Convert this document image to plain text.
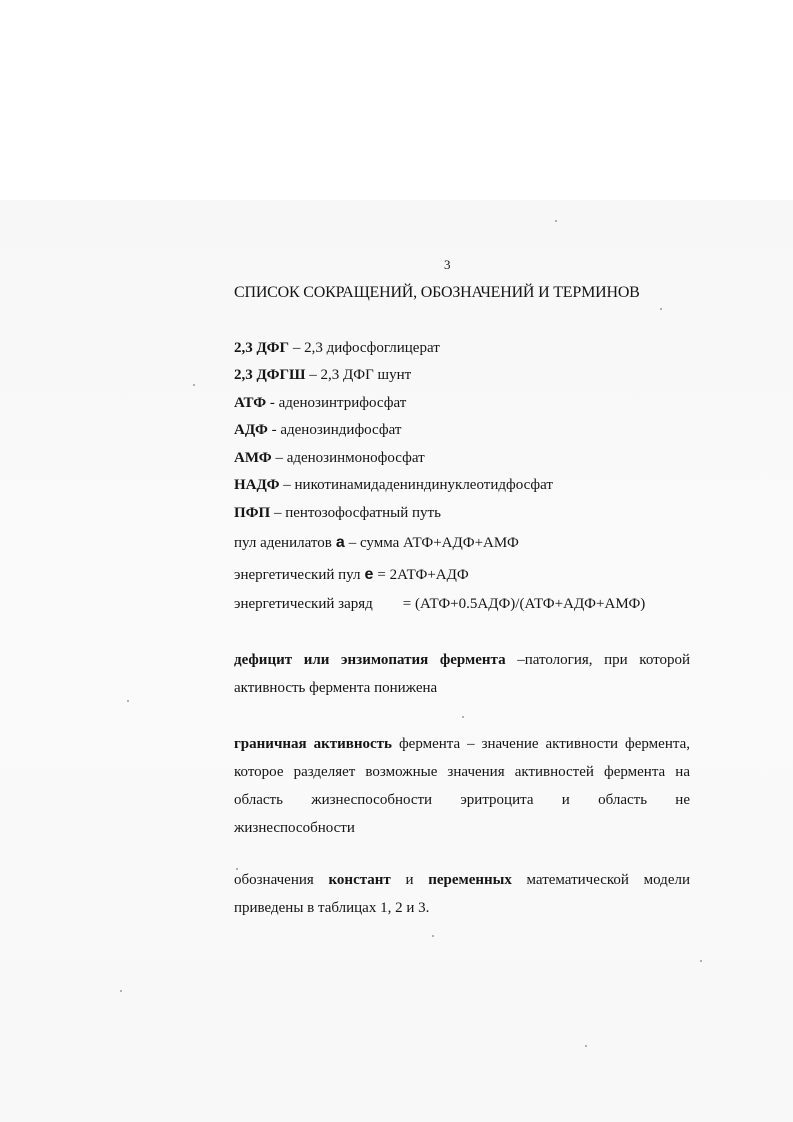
3
СПИСОК СОКРАЩЕНИЙ, ОБОЗНАЧЕНИЙ И ТЕРМИНОВ
2,3 ДФГ – 2,3 дифосфоглицерат
2,3 ДФГШ – 2,3 ДФГ шунт
АТФ - аденозинтрифосфат
АДФ - аденозиндифосфат
АМФ – аденозинмонофосфат
НАДФ – никотинамидадениндинуклеотидфосфат
ПФП – пентозофосфатный путь
пул аденилатов a – сумма АТФ+АДФ+АМФ
энергетический пул e = 2АТФ+АДФ
энергетический заряд = (АТФ+0.5АДФ)/(АТФ+АДФ+АМФ)
дефицит или энзимопатия фермента –патология, при которой активность фермента понижена
граничная активность фермента – значение активности фермента, которое разделяет возможные значения активностей фермента на область жизнеспособности эритроцита и область не жизнеспособности
обозначения констант и переменных математической модели приведены в таблицах 1, 2 и 3.
